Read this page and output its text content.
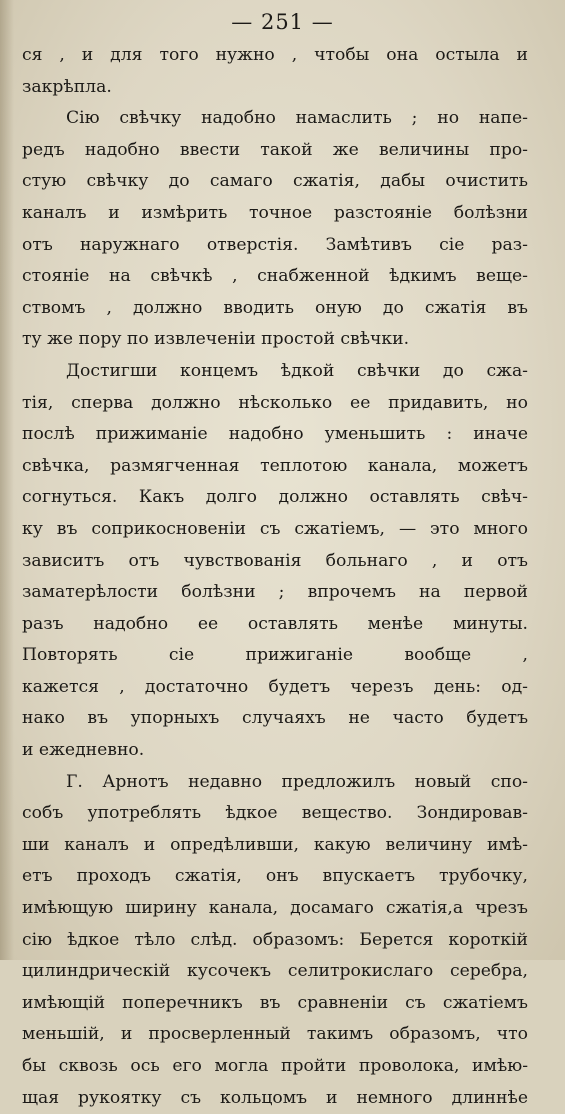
— 251 —
ся , и для того нужно , чтобы она остыла и
закрѣпла.
Сію свѣчку надобно намаслить ; но напе-
редъ надобно ввести такой же величины про-
стую свѣчку до самаго сжатія, дабы очистить
каналъ и измѣрить точное разстояніе болѣзни
отъ наружнаго отверстія. Замѣтивъ сіе раз-
стояніе на свѣчкѣ , снабженной ѣдкимъ веще-
ствомъ , должно вводить оную до сжатія въ
ту же пору по извлеченіи простой свѣчки.
Достигши концемъ ѣдкой свѣчки до сжа-
тія, сперва должно нѣсколько ее придавить, но
послѣ прижиманіе надобно уменьшить : иначе
свѣчка, размягченная теплотою канала, можетъ
согнуться. Какъ долго должно оставлять свѣч-
ку въ соприкосновеніи съ сжатіемъ, — это много
зависитъ отъ чувствованія больнаго , и отъ
заматерѣлости болѣзни ; впрочемъ на первой
разъ надобно ее оставлять менѣе минуты.
Повторять сіе прижиганіе вообще ,
кажется , достаточно будетъ черезъ день: од-
нако въ упорныхъ случаяхъ не часто будетъ
и ежедневно.
Г. Арнотъ недавно предложилъ новый спо-
собъ употреблять ѣдкое вещество. Зондировав-
ши каналъ и опредѣливши, какую величину имѣ-
етъ проходъ сжатія, онъ впускаетъ трубочку,
имѣющую ширину канала, досамаго сжатія,а чрезъ
сію ѣдкое тѣло слѣд. образомъ: Берется короткій
цилиндрическій кусочекъ селитрокислаго серебра,
имѣющій поперечникъ въ сравненіи съ сжатіемъ
меньшій, и просверленный такимъ образомъ, что
бы сквозь ось его могла пройти проволока, имѣю-
щая рукоятку съ кольцомъ и немного длиннѣе
